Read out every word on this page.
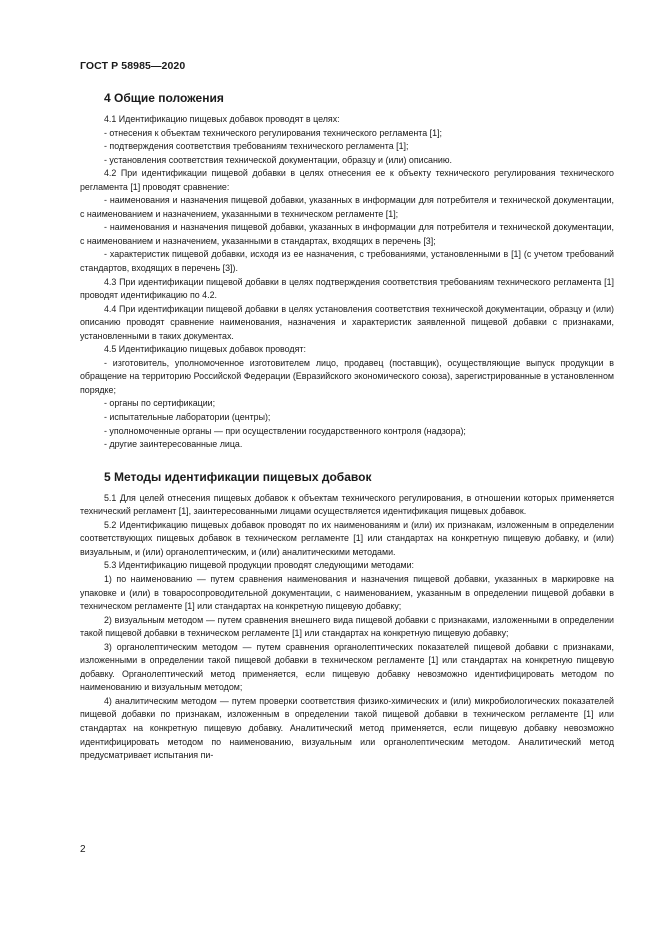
ГОСТ Р 58985—2020
4 Общие положения

4.1 Идентификацию пищевых добавок проводят в целях:

- отнесения к объектам технического регулирования технического регламента [1];

- подтверждения соответствия требованиям технического регламента [1];

- установления соответствия технической документации, образцу и (или) описанию.

4.2 При идентификации пищевой добавки в целях отнесения ее к объекту технического регулирования технического регламента [1] проводят сравнение:

- наименования и назначения пищевой добавки, указанных в информации для потребителя и технической документации, с наименованием и назначением, указанными в техническом регламенте [1];

- наименования и назначения пищевой добавки, указанных в информации для потребителя и технической документации, с наименованием и назначением, указанными в стандартах, входящих в перечень [3];

- характеристик пищевой добавки, исходя из ее назначения, с требованиями, установленными в [1] (с учетом требований стандартов, входящих в перечень [3]).

4.3 При идентификации пищевой добавки в целях подтверждения соответствия требованиям технического регламента [1] проводят идентификацию по 4.2.

4.4 При идентификации пищевой добавки в целях установления соответствия технической документации, образцу и (или) описанию проводят сравнение наименования, назначения и характеристик заявленной пищевой добавки с признаками, установленными в таких документах.

4.5 Идентификацию пищевых добавок проводят:

- изготовитель, уполномоченное изготовителем лицо, продавец (поставщик), осуществляющие выпуск продукции в обращение на территорию Российской Федерации (Евразийского экономического союза), зарегистрированные в установленном порядке;

- органы по сертификации;

- испытательные лаборатории (центры);

- уполномоченные органы — при осуществлении государственного контроля (надзора);

- другие заинтересованные лица.

5 Методы идентификации пищевых добавок

5.1 Для целей отнесения пищевых добавок к объектам технического регулирования, в отношении которых применяется технический регламент [1], заинтересованными лицами осуществляется идентификация пищевых добавок.

5.2 Идентификацию пищевых добавок проводят по их наименованиям и (или) их признакам, изложенным в определении соответствующих пищевых добавок в техническом регламенте [1] или стандартах на конкретную пищевую добавку, и (или) визуальным, и (или) органолептическим, и (или) аналитическими методами.

5.3 Идентификацию пищевой продукции проводят следующими методами:

1) по наименованию — путем сравнения наименования и назначения пищевой добавки, указанных в маркировке на упаковке и (или) в товаросопроводительной документации, с наименованием, указанным в определении пищевой добавки в техническом регламенте [1] или стандартах на конкретную пищевую добавку;

2) визуальным методом — путем сравнения внешнего вида пищевой добавки с признаками, изложенными в определении такой пищевой добавки в техническом регламенте [1] или стандартах на конкретную пищевую добавку;

3) органолептическим методом — путем сравнения органолептических показателей пищевой добавки с признаками, изложенными в определении такой пищевой добавки в техническом регламенте [1] или стандартах на конкретную пищевую добавку. Органолептический метод применяется, если пищевую добавку невозможно идентифицировать методом по наименованию и визуальным методом;

4) аналитическим методом — путем проверки соответствия физико-химических и (или) микробиологических показателей пищевой добавки по признакам, изложенным в определении такой пищевой добавки в техническом регламенте [1] или стандартах на конкретную пищевую добавку. Аналитический метод применяется, если пищевую добавку невозможно идентифицировать методом по наименованию, визуальным или органолептическим методом. Аналитический метод предусматривает испытания пи-

2
